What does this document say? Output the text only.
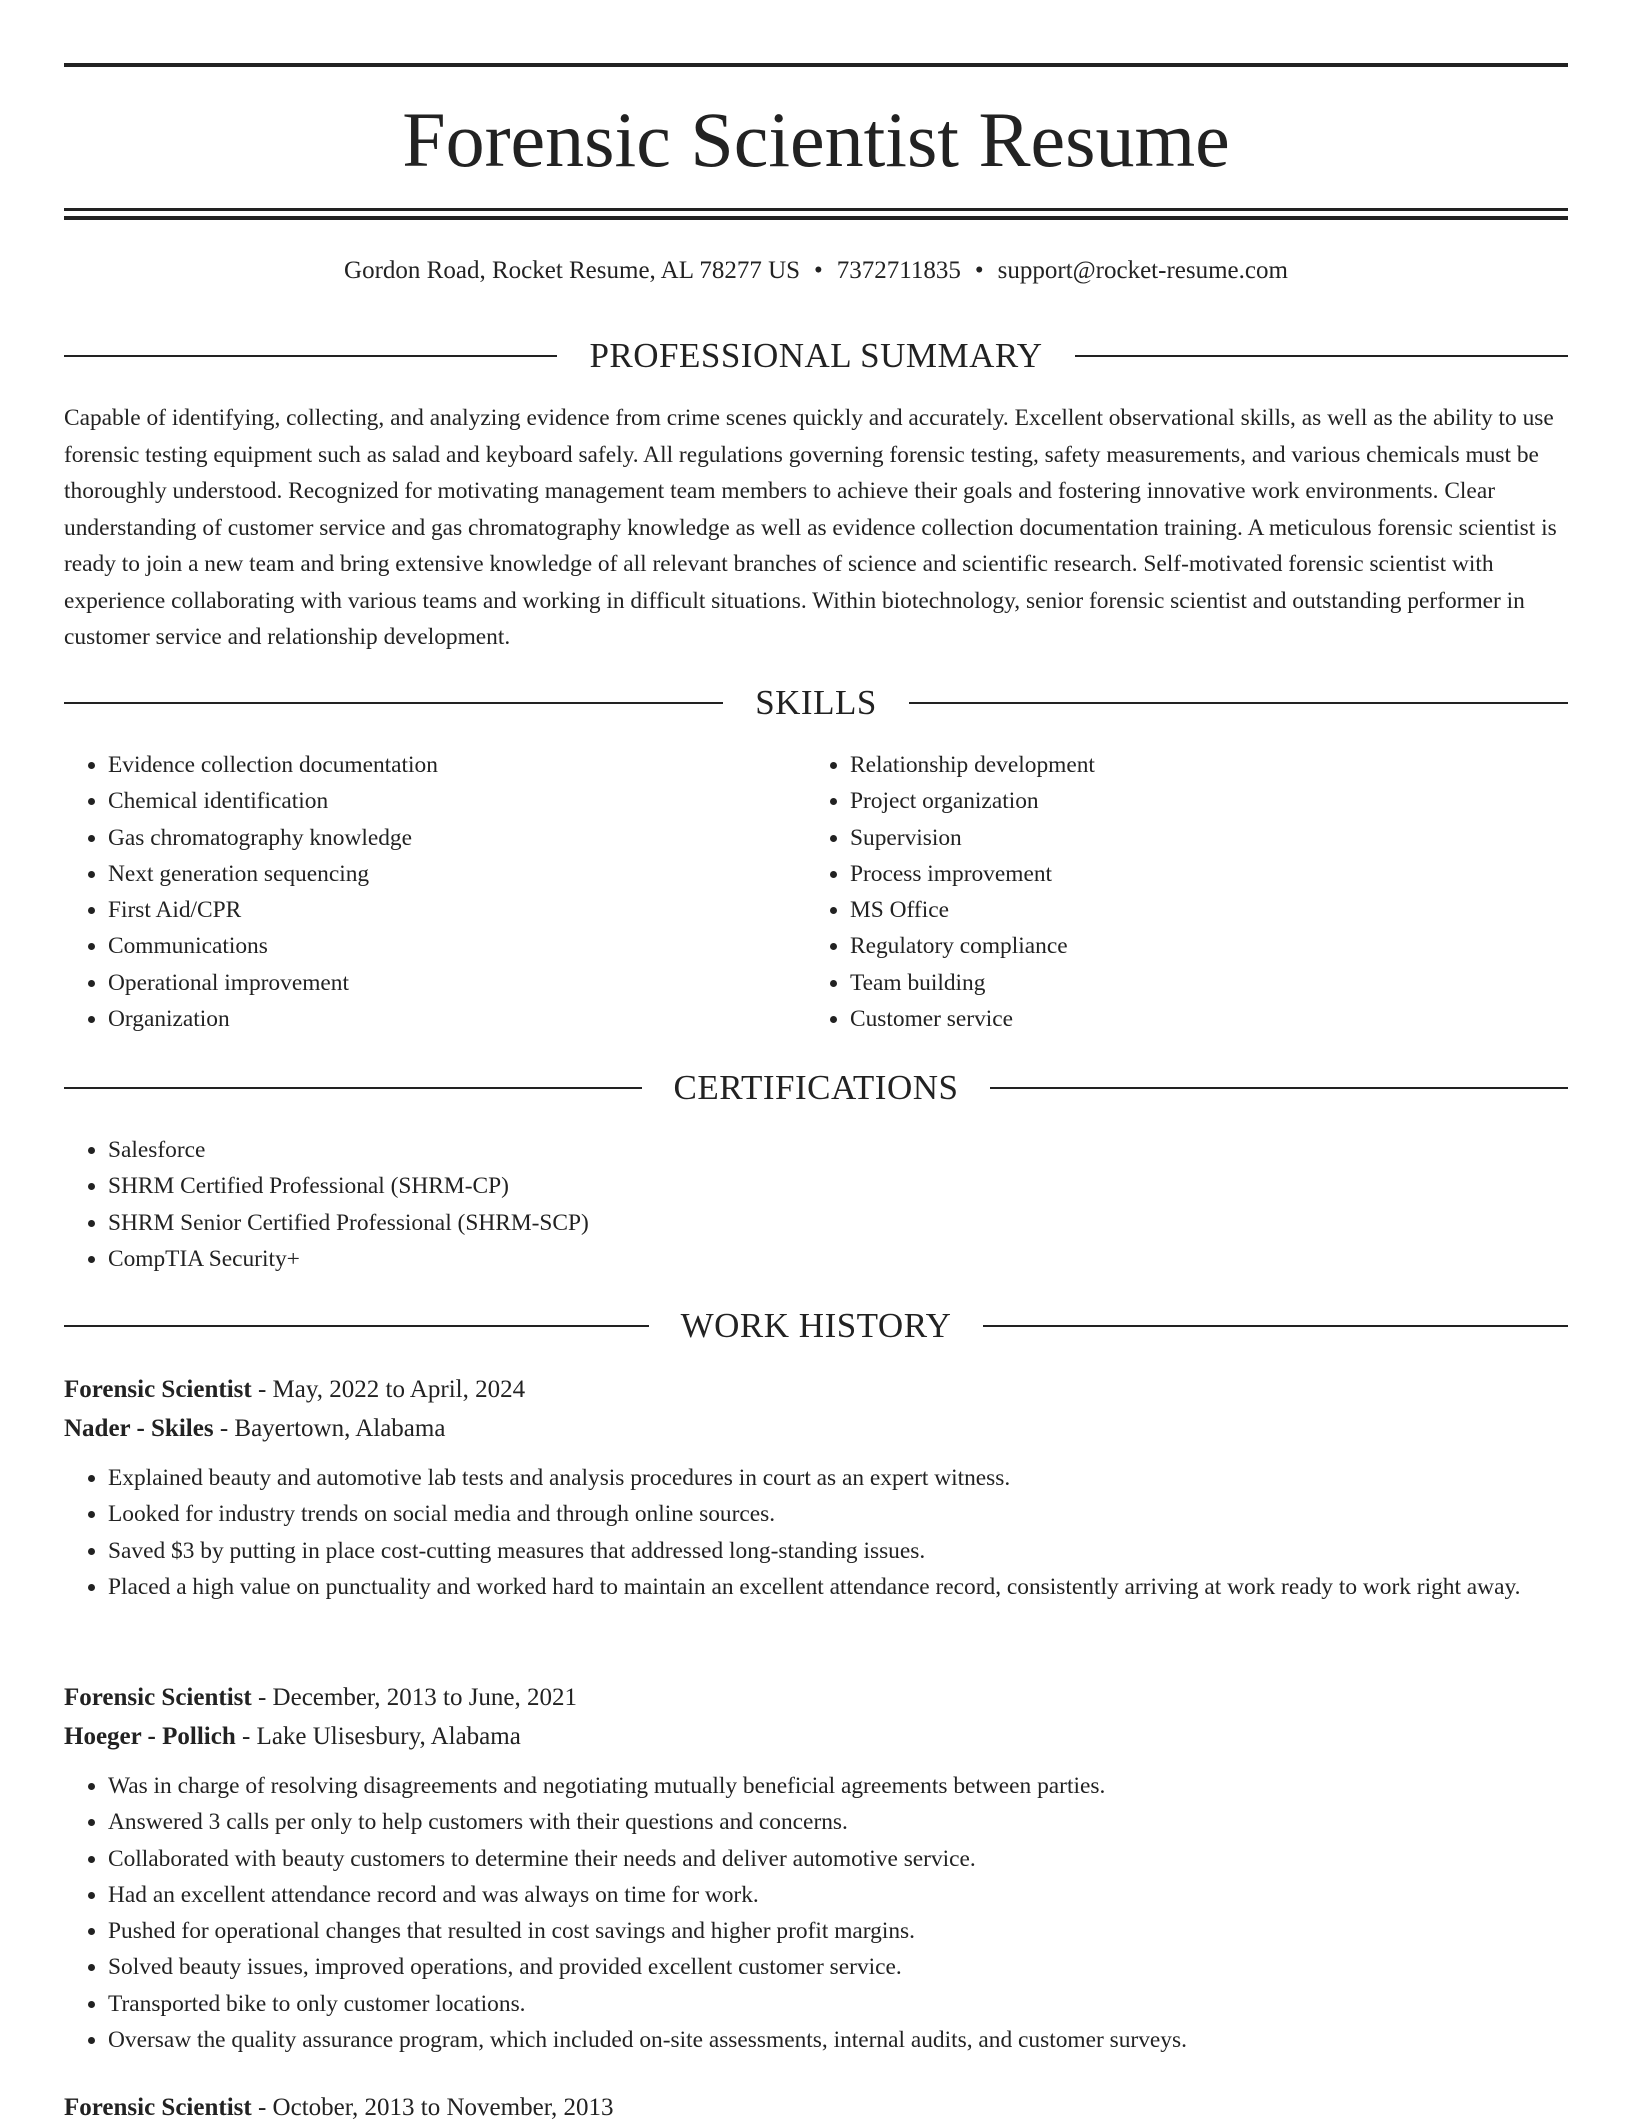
Forensic Scientist Resume
Gordon Road, Rocket Resume, AL 78277 US • 7372711835 • support@rocket-resume.com
PROFESSIONAL SUMMARY

Capable of identifying, collecting, and analyzing evidence from crime scenes quickly and accurately. Excellent observational skills, as well as the ability to use forensic testing equipment such as salad and keyboard safely. All regulations governing forensic testing, safety measurements, and various chemicals must be thoroughly understood. Recognized for motivating management team members to achieve their goals and fostering innovative work environments. Clear understanding of customer service and gas chromatography knowledge as well as evidence collection documentation training. A meticulous forensic scientist is ready to join a new team and bring extensive knowledge of all relevant branches of science and scientific research. Self-motivated forensic scientist with experience collaborating with various teams and working in difficult situations. Within biotechnology, senior forensic scientist and outstanding performer in customer service and relationship development.

SKILLS
• Evidence collection documentation
• Chemical identification
• Gas chromatography knowledge
• Next generation sequencing
• First Aid/CPR
• Communications
• Operational improvement
• Organization
• Relationship development
• Project organization
• Supervision
• Process improvement
• MS Office
• Regulatory compliance
• Team building
• Customer service
CERTIFICATIONS
• Salesforce
• SHRM Certified Professional (SHRM-CP)
• SHRM Senior Certified Professional (SHRM-SCP)
• CompTIA Security+
WORK HISTORY
Forensic Scientist - May, 2022 to April, 2024
Nader - Skiles - Bayertown, Alabama
• Explained beauty and automotive lab tests and analysis procedures in court as an expert witness.
• Looked for industry trends on social media and through online sources.
• Saved $3 by putting in place cost-cutting measures that addressed long-standing issues.
• Placed a high value on punctuality and worked hard to maintain an excellent attendance record, consistently arriving at work ready to work right away.
Forensic Scientist - December, 2013 to June, 2021
Hoeger - Pollich - Lake Ulisesbury, Alabama
• Was in charge of resolving disagreements and negotiating mutually beneficial agreements between parties.
• Answered 3 calls per only to help customers with their questions and concerns.
• Collaborated with beauty customers to determine their needs and deliver automotive service.
• Had an excellent attendance record and was always on time for work.
• Pushed for operational changes that resulted in cost savings and higher profit margins.
• Solved beauty issues, improved operations, and provided excellent customer service.
• Transported bike to only customer locations.
• Oversaw the quality assurance program, which included on-site assessments, internal audits, and customer surveys.
Forensic Scientist - October, 2013 to November, 2013
